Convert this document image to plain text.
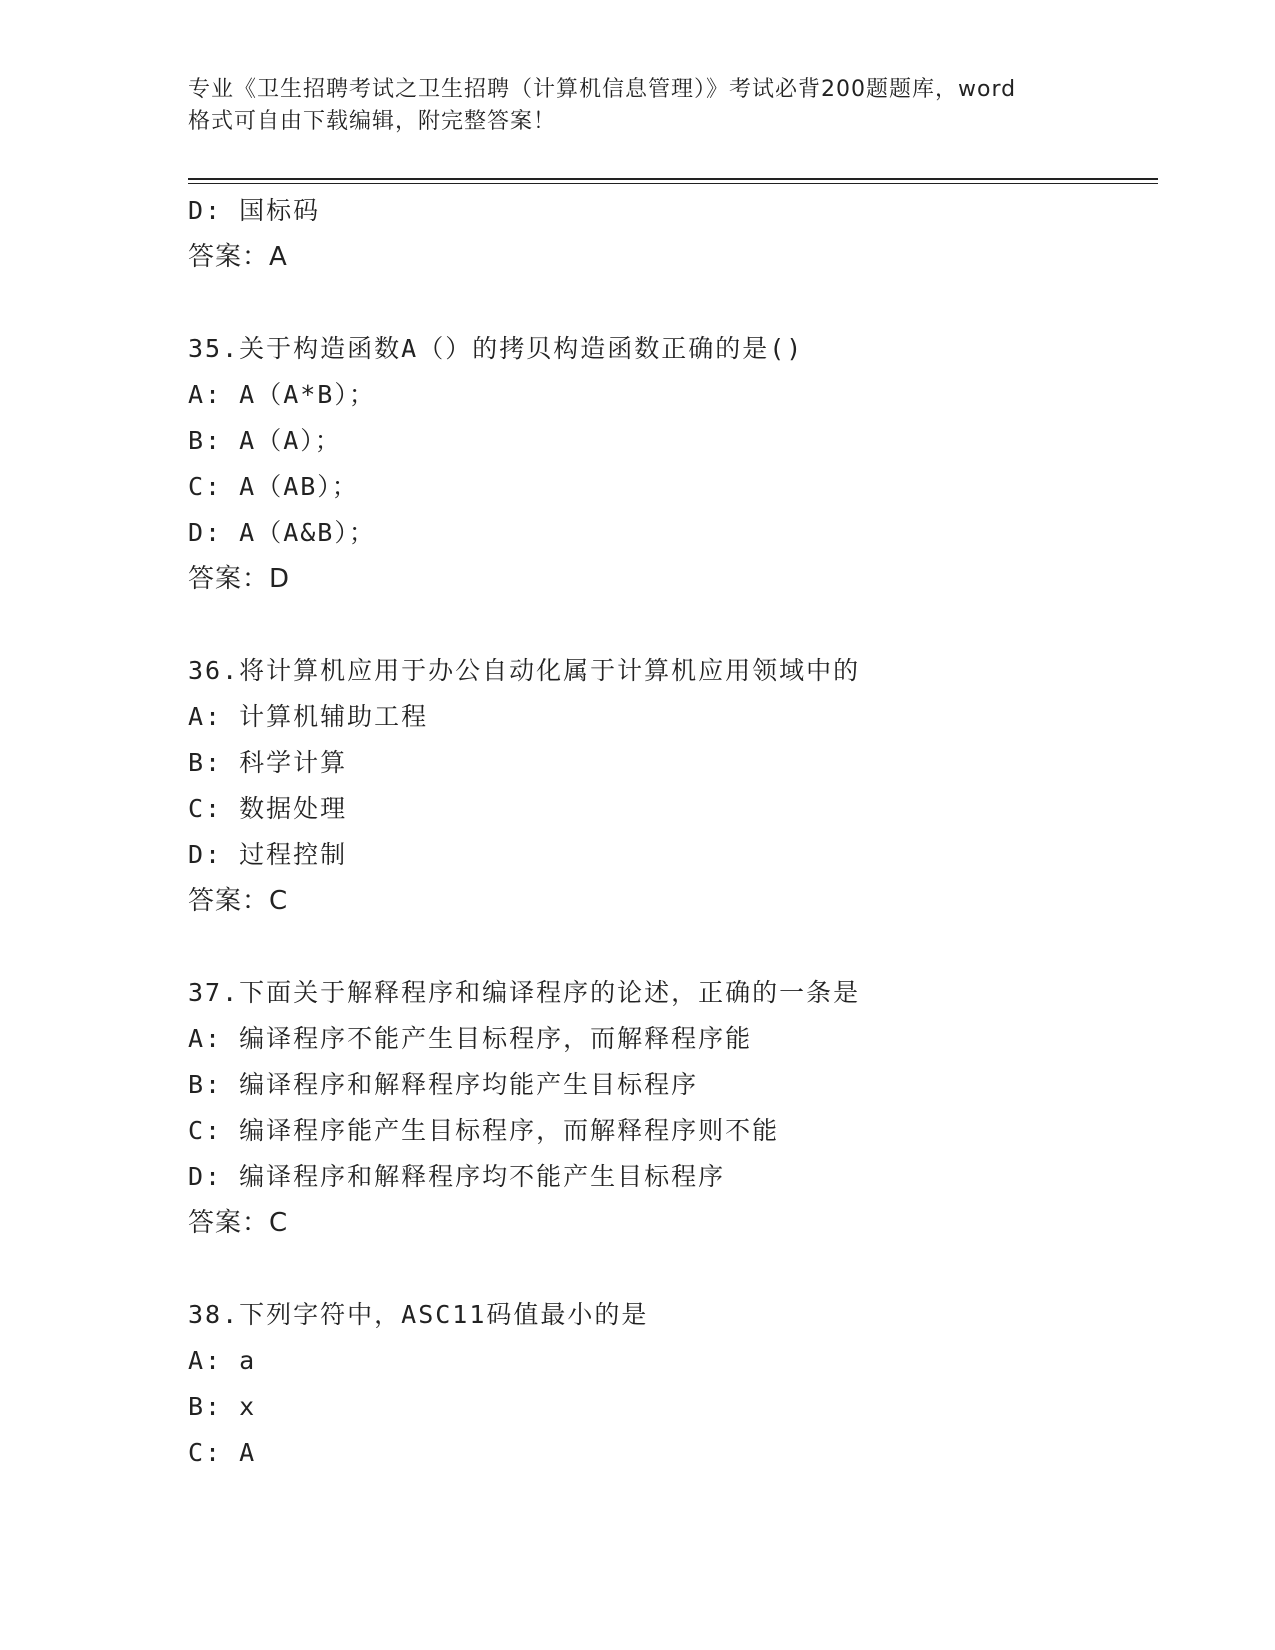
专业《卫生招聘考试之卫生招聘（计算机信息管理）》考试必背200题题库，word
格式可自由下载编辑，附完整答案！
D: 国标码
答案：A
35.关于构造函数A（）的拷贝构造函数正确的是()
A: A（A*B）；
B: A（A）；
C: A（AB）；
D: A（A&B）；
答案：D
36.将计算机应用于办公自动化属于计算机应用领域中的
A: 计算机辅助工程
B: 科学计算
C: 数据处理
D: 过程控制
答案：C
37.下面关于解释程序和编译程序的论述，正确的一条是
A: 编译程序不能产生目标程序，而解释程序能
B: 编译程序和解释程序均能产生目标程序
C: 编译程序能产生目标程序，而解释程序则不能
D: 编译程序和解释程序均不能产生目标程序
答案：C
38.下列字符中，ASC11码值最小的是
A: a
B: x
C: A
